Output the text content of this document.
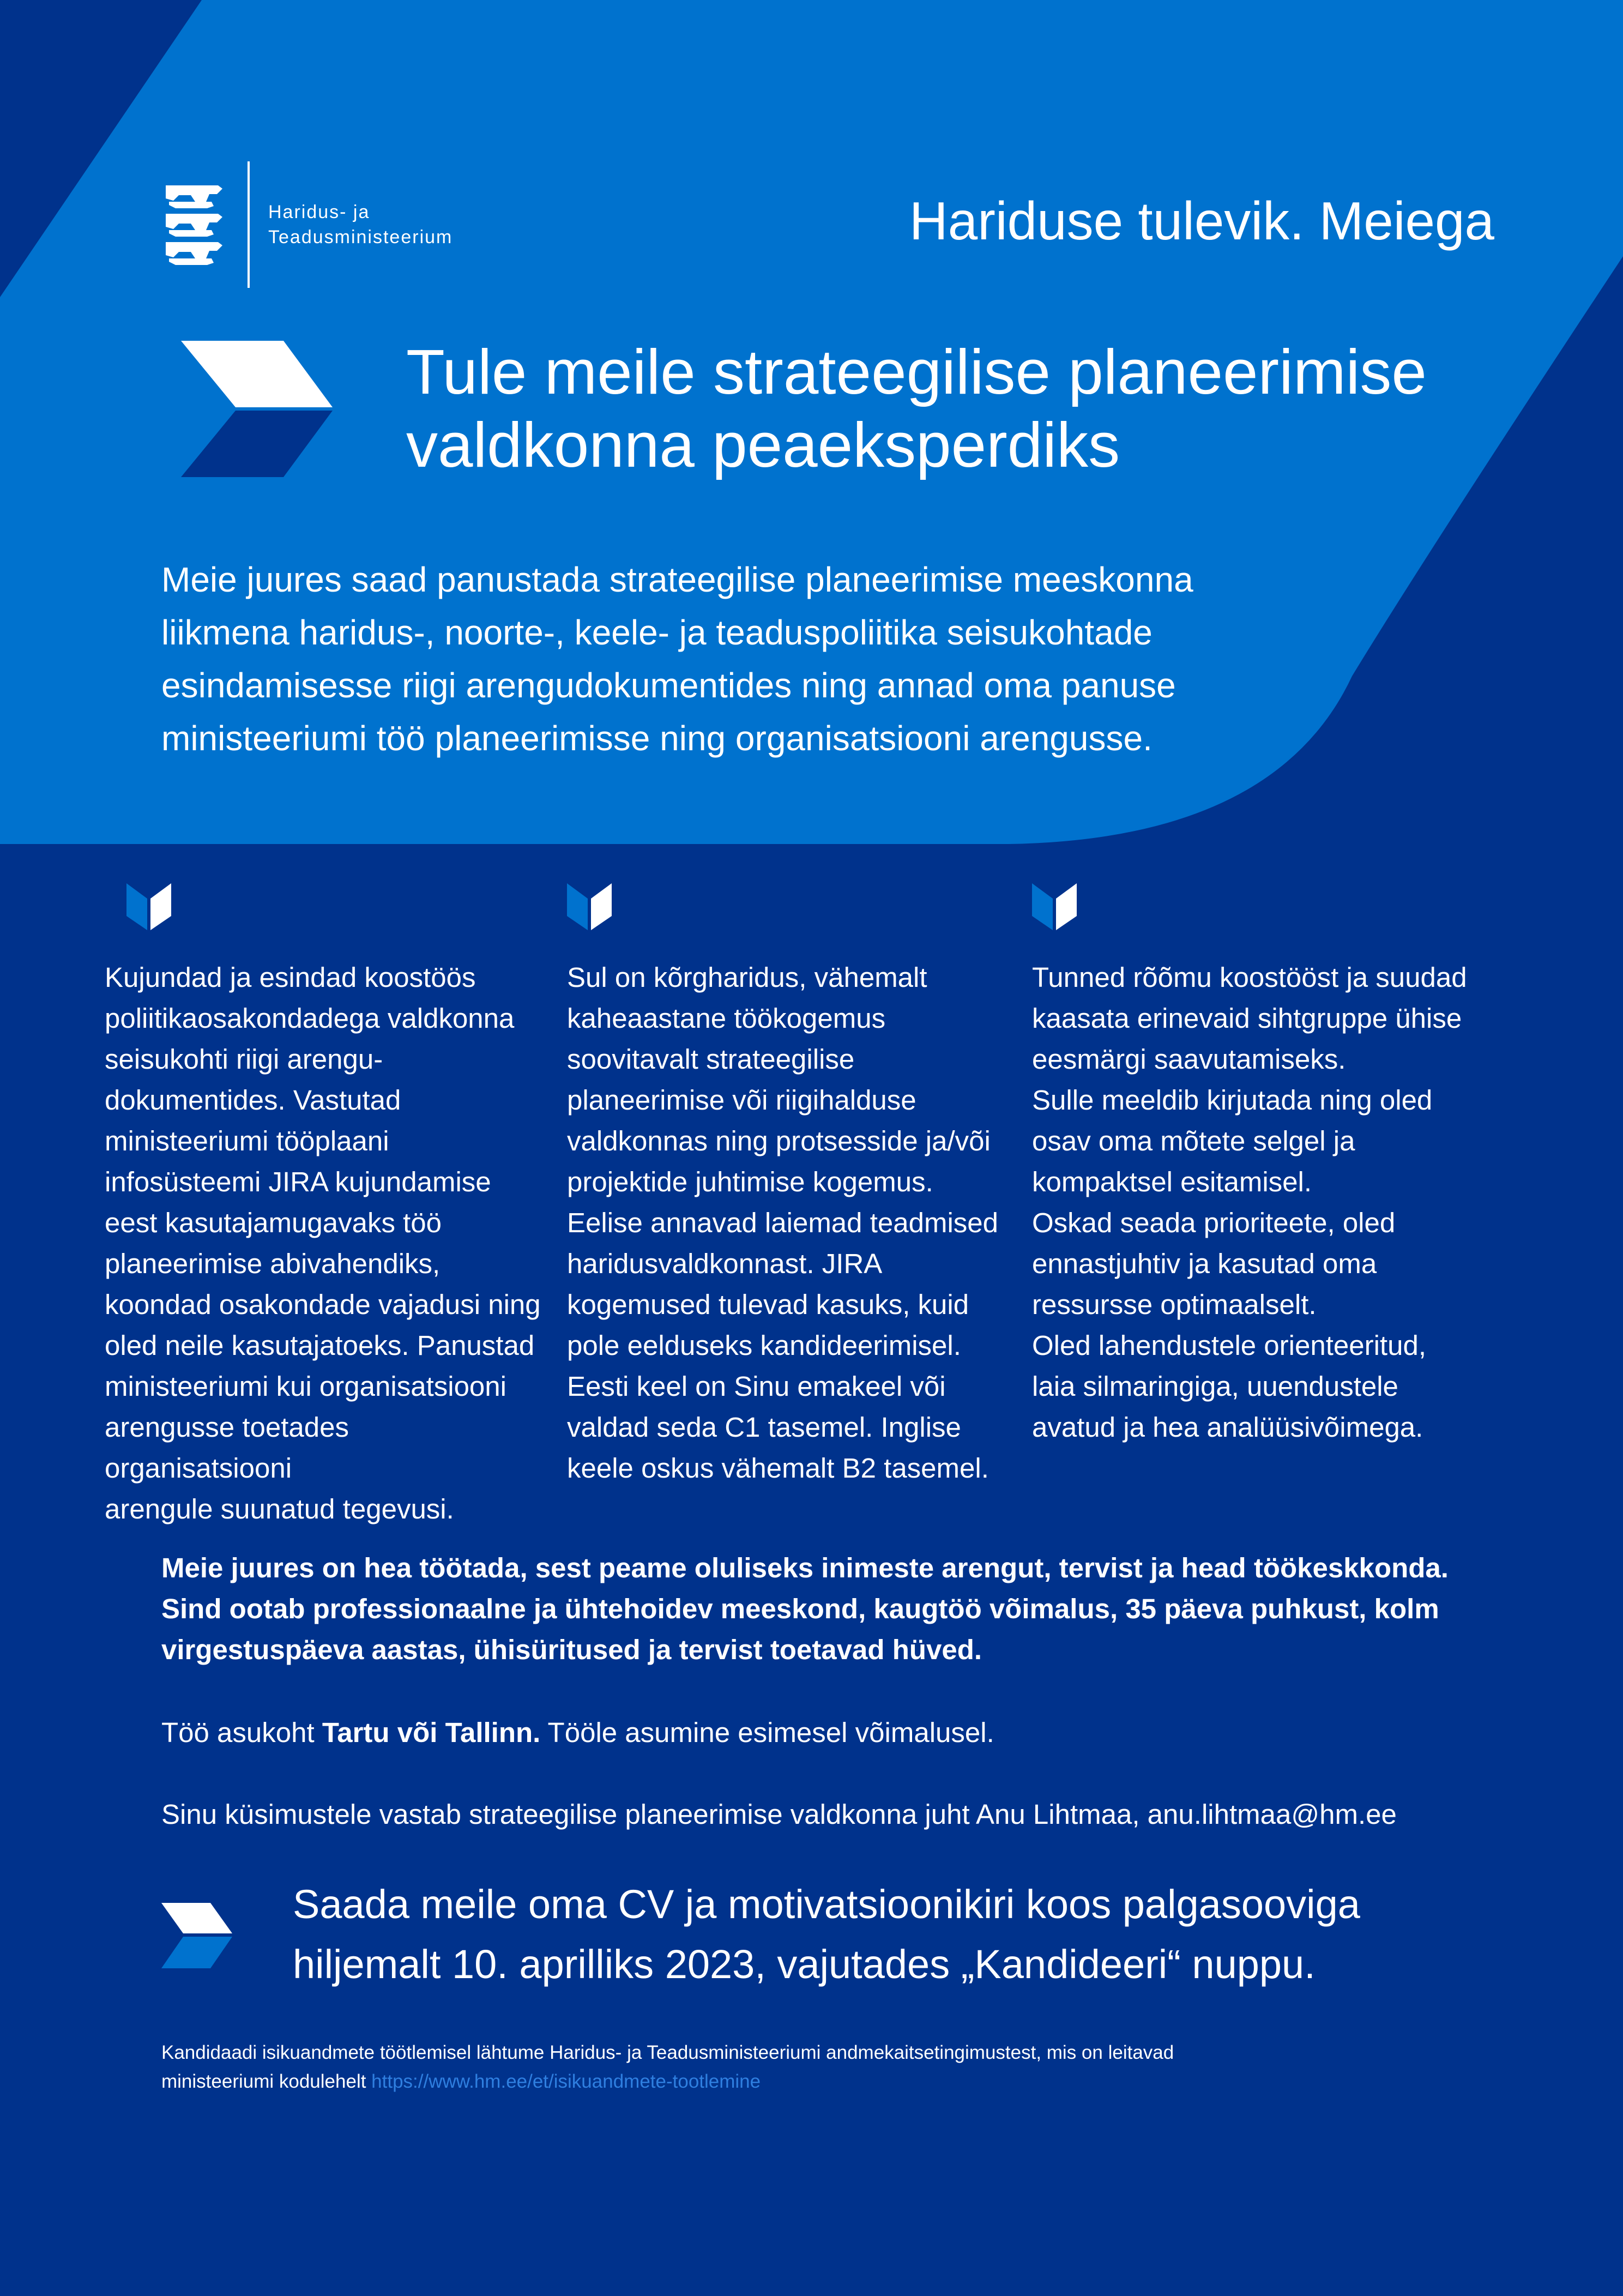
Haridus- ja
Teadusministeerium	Hariduse tulevik. Meiega
Tule meile strateegilise planeerimise
valdkonna peaeksperdiks
Meie juures saad panustada strateegilise planeerimise meeskonna liikmena haridus-, noorte-, keele- ja teaduspoliitika seisukohtade esindamisesse riigi arengudokumentides ning annad oma panuse ministeeriumi töö planeerimisse ning organisatsiooni arengusse.
Kujundad ja esindad koostöös
poliitikaosakondadega valdkonna
seisukohti riigi arengu-
dokumentides. Vastutad
ministeeriumi tööplaani
infosüsteemi JIRA kujundamise
eest kasutajamugavaks töö
planeerimise abivahendiks,
koondad osakondade vajadusi ning
oled neile kasutajatoeks. Panustad
ministeeriumi kui organisatsiooni
arengusse toetades organisatsiooni
arengule suunatud tegevusi.
Sul on kõrgharidus, vähemalt
kaheaastane töökogemus
soovitavalt strateegilise
planeerimise või riigihalduse
valdkonnas ning protsesside ja/või
projektide juhtimise kogemus.
Eelise annavad laiemad teadmised
haridusvaldkonnast. JIRA
kogemused tulevad kasuks, kuid
pole eelduseks kandideerimisel.
Eesti keel on Sinu emakeel või
valdad seda C1 tasemel. Inglise
keele oskus vähemalt B2 tasemel.
Tunned rõõmu koostööst ja suudad
kaasata erinevaid sihtgruppe ühise
eesmärgi saavutamiseks.
Sulle meeldib kirjutada ning oled
osav oma mõtete selgel ja
kompaktsel esitamisel.
Oskad seada prioriteete, oled
ennastjuhtiv ja kasutad oma
ressursse optimaalselt.
Oled lahendustele orienteeritud,
laia silmaringiga, uuendustele
avatud ja hea analüüsivõimega.
Meie juures on hea töötada, sest peame oluliseks inimeste arengut, tervist ja head töökeskkonda. Sind ootab professionaalne ja ühtehoidev meeskond, kaugtöö võimalus, 35 päeva puhkust, kolm virgestuspäeva aastas, ühisüritused ja tervist toetavad hüved.
Töö asukoht Tartu või Tallinn. Tööle asumine esimesel võimalusel.
Sinu küsimustele vastab strateegilise planeerimise valdkonna juht Anu Lihtmaa, anu.lihtmaa@hm.ee
Saada meile oma CV ja motivatsioonikiri koos palgasooviga
hiljemalt 10. aprilliks 2023, vajutades „Kandideeri“ nuppu.
Kandidaadi isikuandmete töötlemisel lähtume Haridus- ja Teadusministeeriumi andmekaitsetingimustest, mis on leitavad
ministeeriumi kodulehelt https://www.hm.ee/et/isikuandmete-tootlemine
